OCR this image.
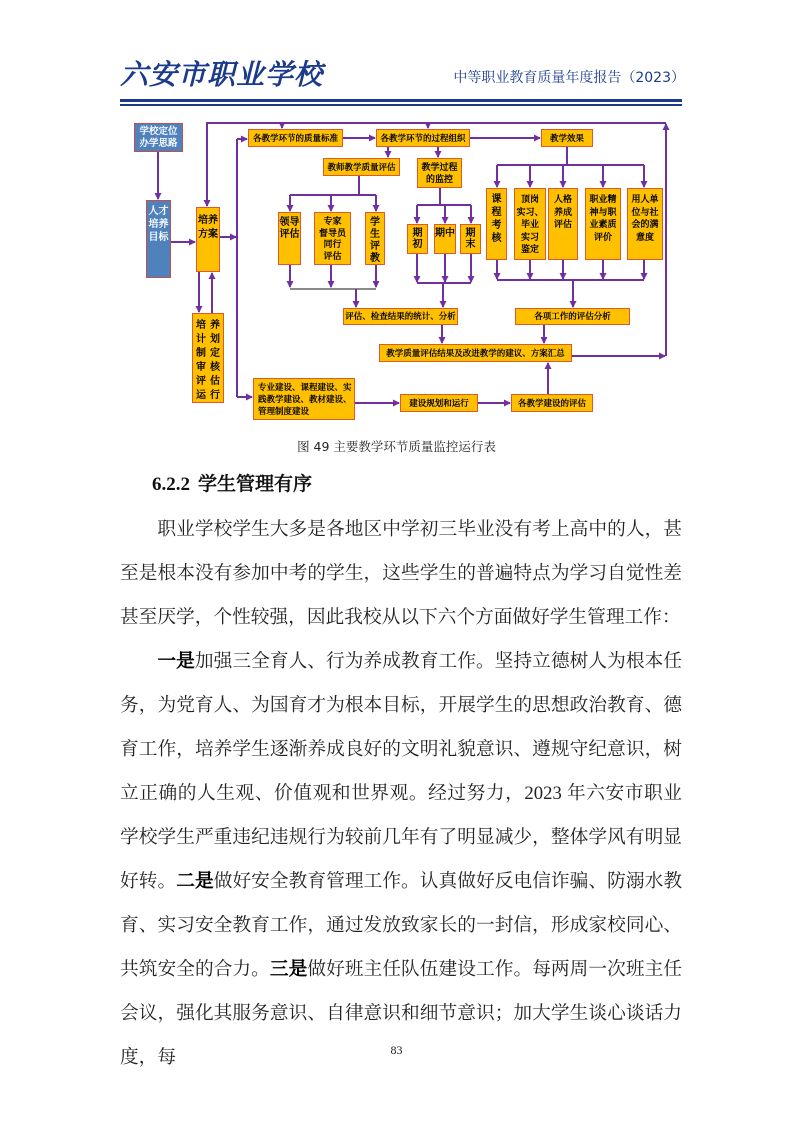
六安市职业学校	中等职业教育质量年度报告（2023）
学校定位
办学思路
人才培养目标
培养方案
培计制审评运
养划定核估行
各教学环节的质量标准	各教学环节的过程组织	教学效果
教师教学质量评估	教学过程
的监控
领导评估
专家
督导员
同行
评估
学生评教
期初
期中	期末
课程考核
顶岗
实习、
毕业
实习
鉴定
人格
养成
评估
职业精
神与职
业素质
评价
用人单
位与社
会的满
意度
评估、检查结果的统计、分析	各项工作的评估分析
教学质量评估结果及改进教学的建议、方案汇总
专业建设、课程建设、实
践教学建设、教材建设、
管理制度建设
建设规划和运行	各教学建设的评估
图 49 主要教学环节质量监控运行表
6.2.2 学生管理有序

职业学校学生大多是各地区中学初三毕业没有考上高中的人，甚至是根本没有参加中考的学生，这些学生的普遍特点为学习自觉性差甚至厌学，个性较强，因此我校从以下六个方面做好学生管理工作：

一是加强三全育人、行为养成教育工作。坚持立德树人为根本任务，为党育人、为国育才为根本目标，开展学生的思想政治教育、德育工作，培养学生逐渐养成良好的文明礼貌意识、遵规守纪意识，树立正确的人生观、价值观和世界观。经过努力，2023 年六安市职业学校学生严重违纪违规行为较前几年有了明显减少，整体学风有明显好转。二是做好安全教育管理工作。认真做好反电信诈骗、防溺水教育、实习安全教育工作，通过发放致家长的一封信，形成家校同心、共筑安全的合力。三是做好班主任队伍建设工作。每两周一次班主任会议，强化其服务意识、自律意识和细节意识；加大学生谈心谈话力度，每	83
